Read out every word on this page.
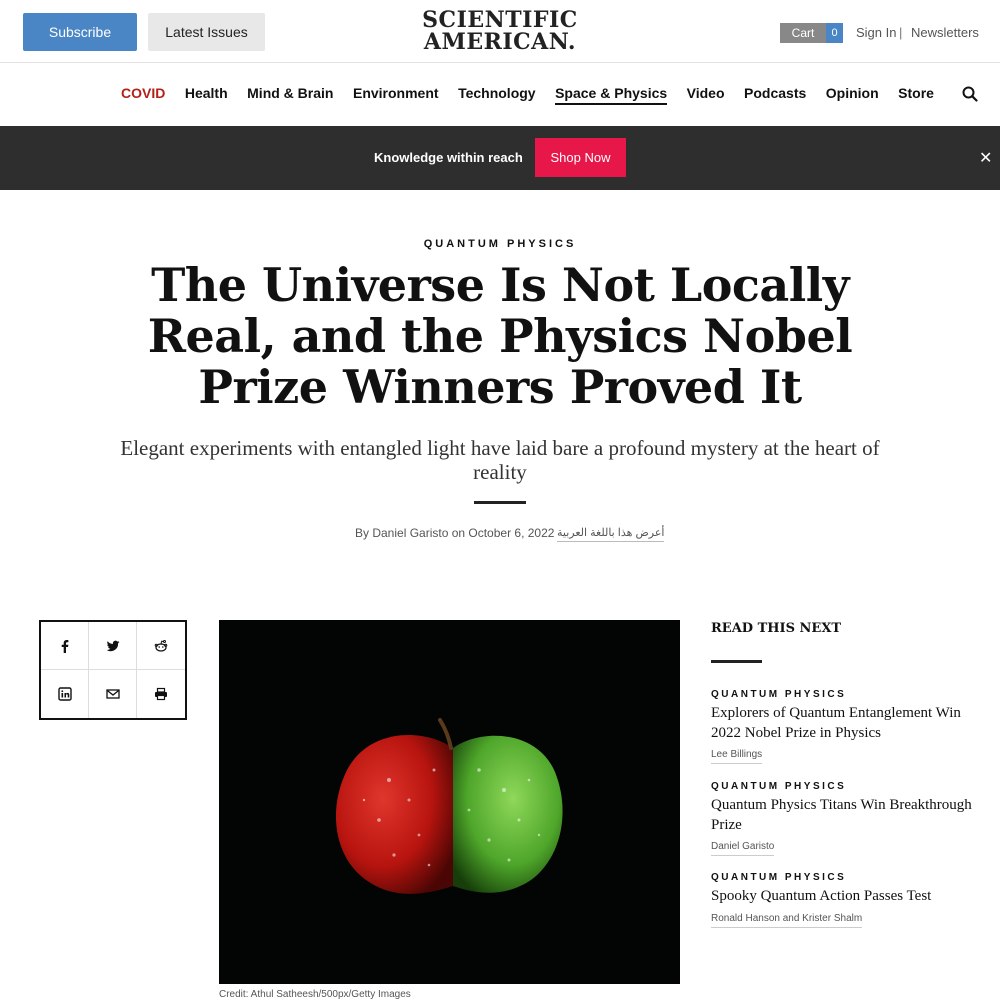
Subscribe	Latest Issues	SCIENTIFIC
AMERICAN.	Cart	0	Sign In | Newsletters
COVID Health Mind & Brain Environment Technology Space & Physics Video Podcasts Opinion Store
Knowledge within reach	Shop Now	✕
QUANTUM PHYSICS
The Universe Is Not Locally Real, and the Physics Nobel Prize Winners Proved It

Elegant experiments with entangled light have laid bare a profound mystery at the heart of reality

By Daniel Garisto on October 6, 2022 أعرض هذا باللغة العربية
Credit: Athul Satheesh/500px/Getty Images
READ THIS NEXT
QUANTUM PHYSICS
Explorers of Quantum Entanglement Win 2022 Nobel Prize in Physics
Lee Billings
QUANTUM PHYSICS
Quantum Physics Titans Win Breakthrough Prize
Daniel Garisto
QUANTUM PHYSICS
Spooky Quantum Action Passes Test
Ronald Hanson and Krister Shalm
